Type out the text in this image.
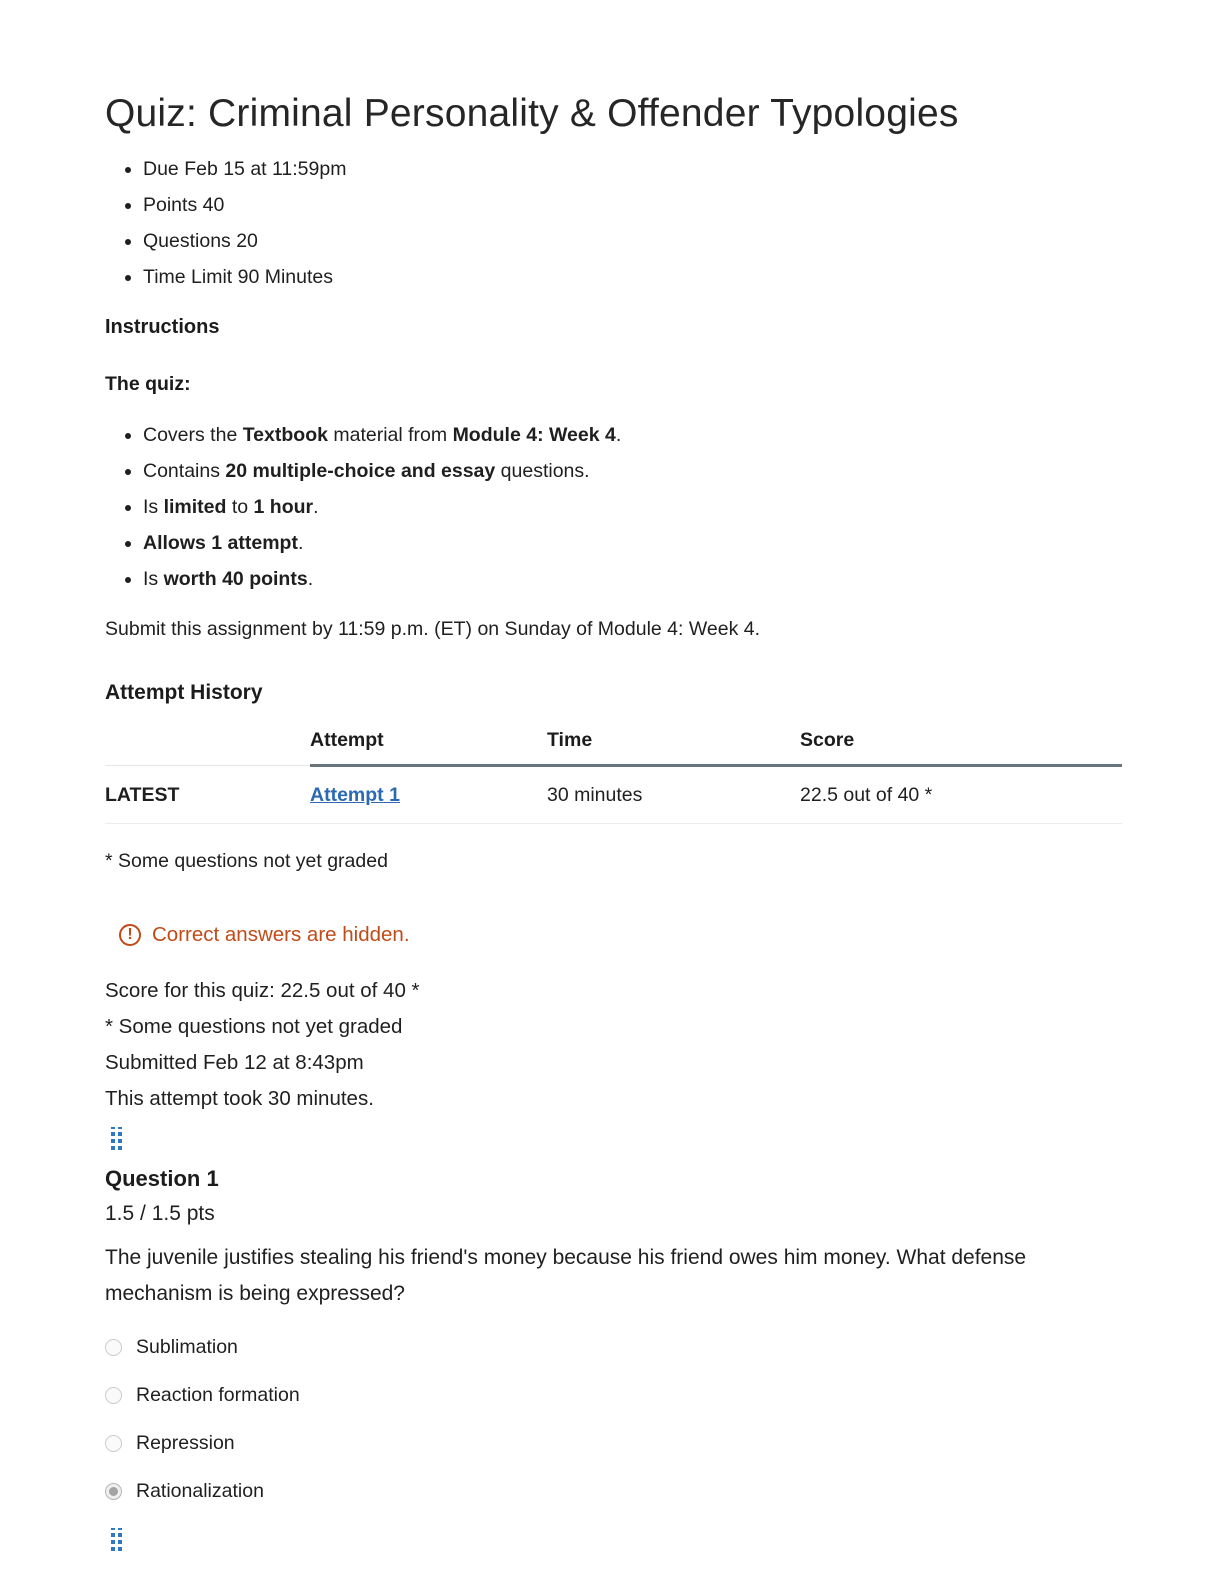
Quiz: Criminal Personality & Offender Typologies
• Due Feb 15 at 11:59pm
• Points 40
• Questions 20
• Time Limit 90 Minutes
Instructions

The quiz:

• Covers the Textbook material from Module 4: Week 4.
• Contains 20 multiple-choice and essay questions.
• Is limited to 1 hour.
• Allows 1 attempt.
• Is worth 40 points.

Submit this assignment by 11:59 p.m. (ET) on Sunday of Module 4: Week 4.

Attempt History
	Attempt	Time	Score
LATEST	Attempt 1	30 minutes	22.5 out of 40 *

* Some questions not yet graded

! Correct answers are hidden.
Score for this quiz: 22.5 out of 40 *
* Some questions not yet graded
Submitted Feb 12 at 8:43pm
This attempt took 30 minutes.
Question 1
1.5 / 1.5 pts
The juvenile justifies stealing his friend's money because his friend owes him money. What defense mechanism is being expressed?
Sublimation
Reaction formation
Repression
Rationalization
